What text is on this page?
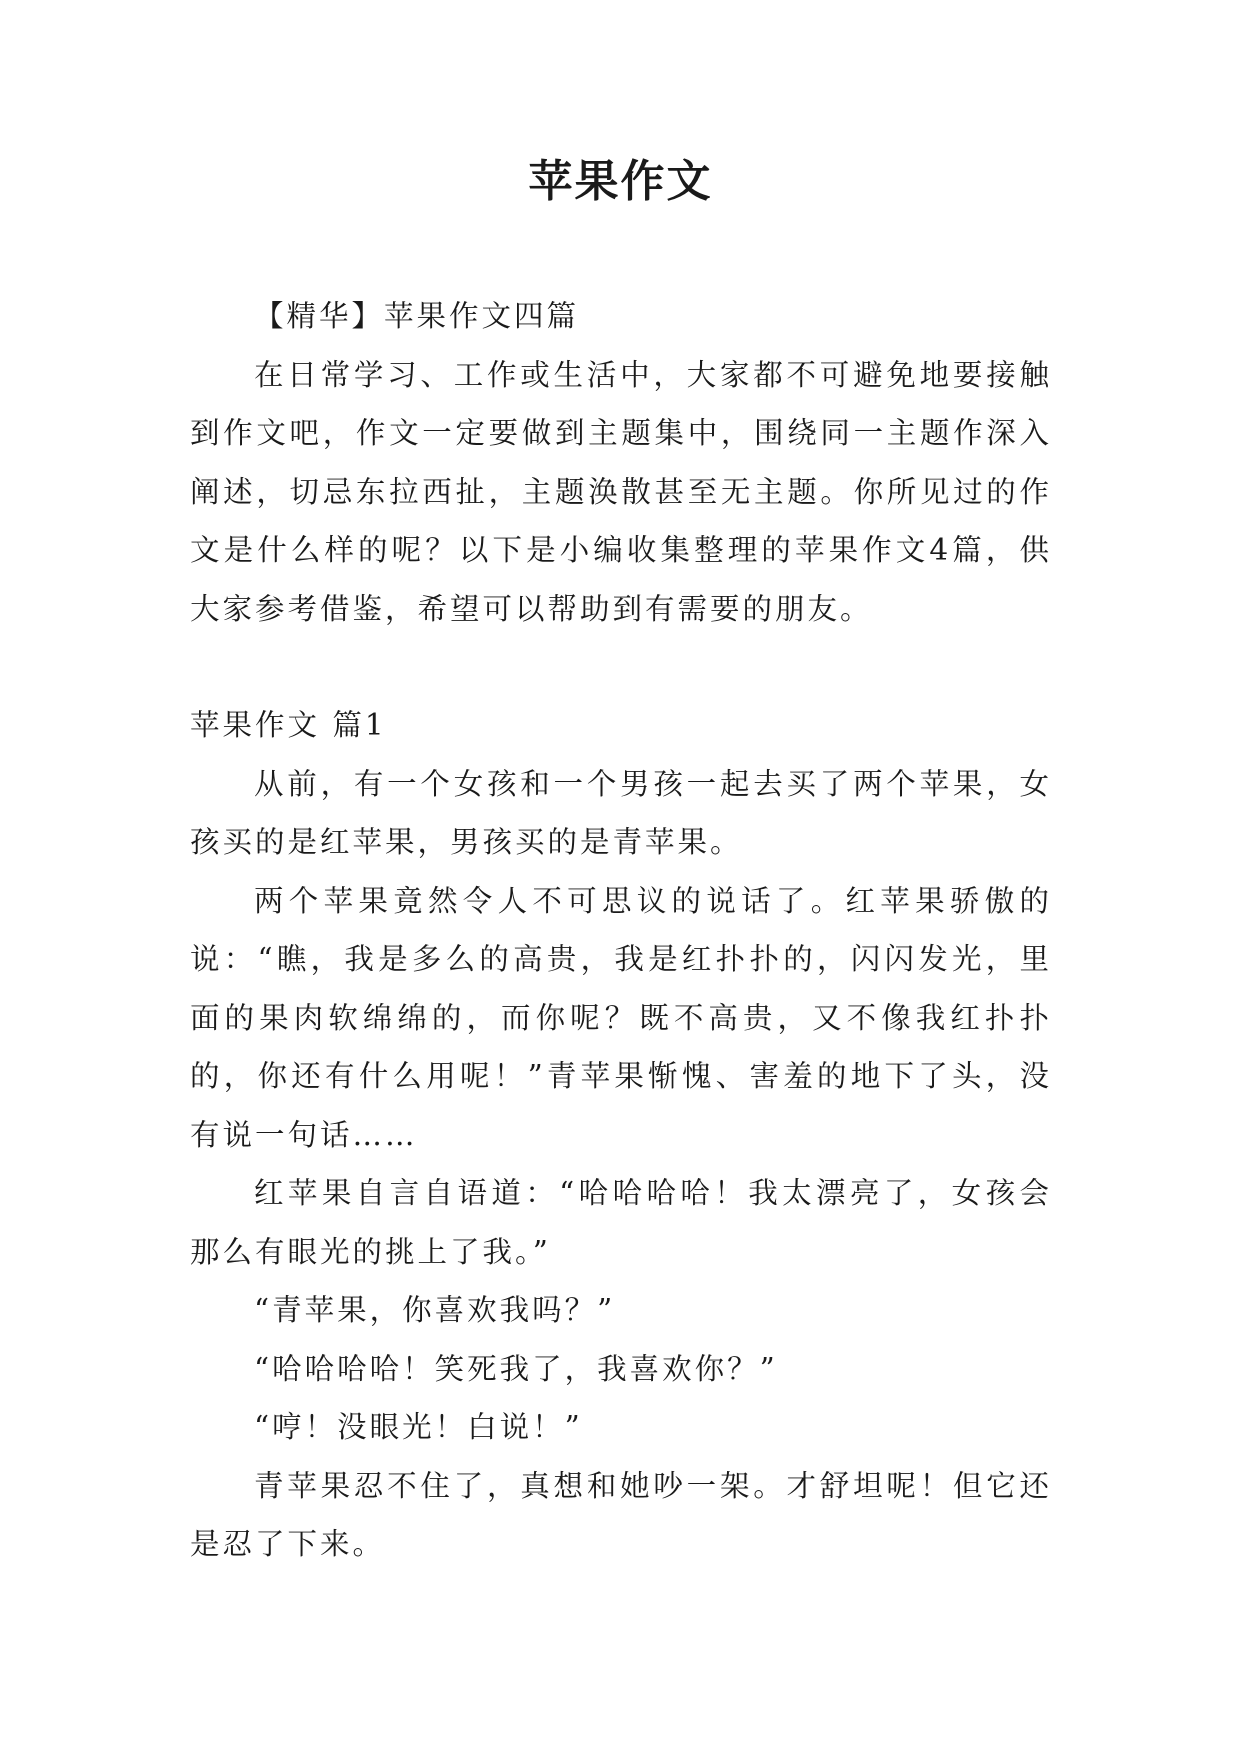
苹果作文

【精华】苹果作文四篇

在日常学习、工作或生活中，大家都不可避免地要接触到作文吧，作文一定要做到主题集中，围绕同一主题作深入阐述，切忌东拉西扯，主题涣散甚至无主题。你所见过的作文是什么样的呢？以下是小编收集整理的苹果作文4篇，供大家参考借鉴，希望可以帮助到有需要的朋友。

苹果作文 篇1

从前，有一个女孩和一个男孩一起去买了两个苹果，女孩买的是红苹果，男孩买的是青苹果。

两个苹果竟然令人不可思议的说话了。红苹果骄傲的说：“瞧，我是多么的高贵，我是红扑扑的，闪闪发光，里面的果肉软绵绵的，而你呢？既不高贵，又不像我红扑扑的，你还有什么用呢！”青苹果惭愧、害羞的地下了头，没有说一句话……

红苹果自言自语道：“哈哈哈哈！我太漂亮了，女孩会那么有眼光的挑上了我。”

“青苹果，你喜欢我吗？”

“哈哈哈哈！笑死我了，我喜欢你？”

“哼！没眼光！白说！”

青苹果忍不住了，真想和她吵一架。才舒坦呢！但它还是忍了下来。
